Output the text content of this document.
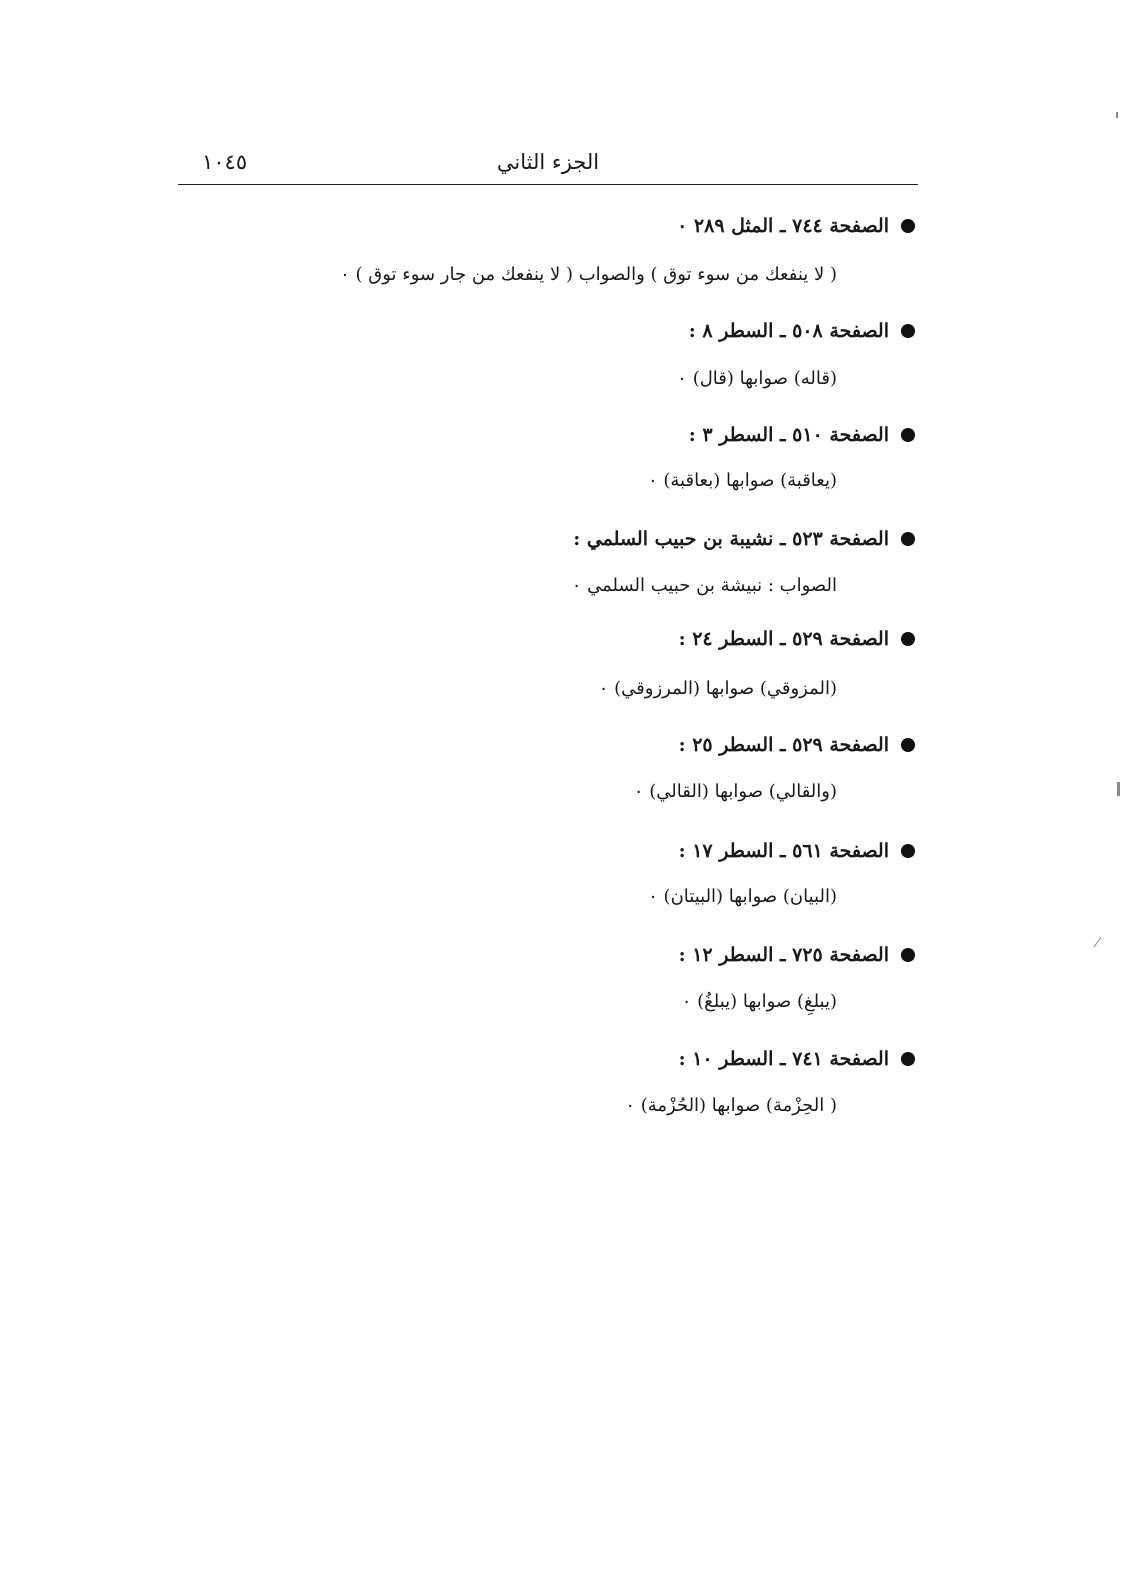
١٠٤٥	الجزء الثاني
الصفحة ٧٤٤ ـ المثل ٢٨٩ ٠
( لا ينفعك من سوء توق ) والصواب ( لا ينفعك من جار سوء توق ) ٠
الصفحة ٥٠٨ ـ السطر ٨ :
(قاله) صوابها (قال) ٠
الصفحة ٥١٠ ـ السطر ٣ :
(يعاقبة) صوابها (بعاقبة) ٠
الصفحة ٥٢٣ ـ نشيبة بن حبيب السلمي :
الصواب : نبيشة بن حبيب السلمي ٠
الصفحة ٥٢٩ ـ السطر ٢٤ :
(المزوقي) صوابها (المرزوقي) ٠
الصفحة ٥٢٩ ـ السطر ٢٥ :
(والقالي) صوابها (القالي) ٠
الصفحة ٥٦١ ـ السطر ١٧ :
(البيان) صوابها (البيتان) ٠
الصفحة ٧٢٥ ـ السطر ١٢ :
(يبلغِ) صوابها (يبلغُ) ٠
الصفحة ٧٤١ ـ السطر ١٠ :
( الحِزْمة) صوابها (الحُزْمة) ٠
